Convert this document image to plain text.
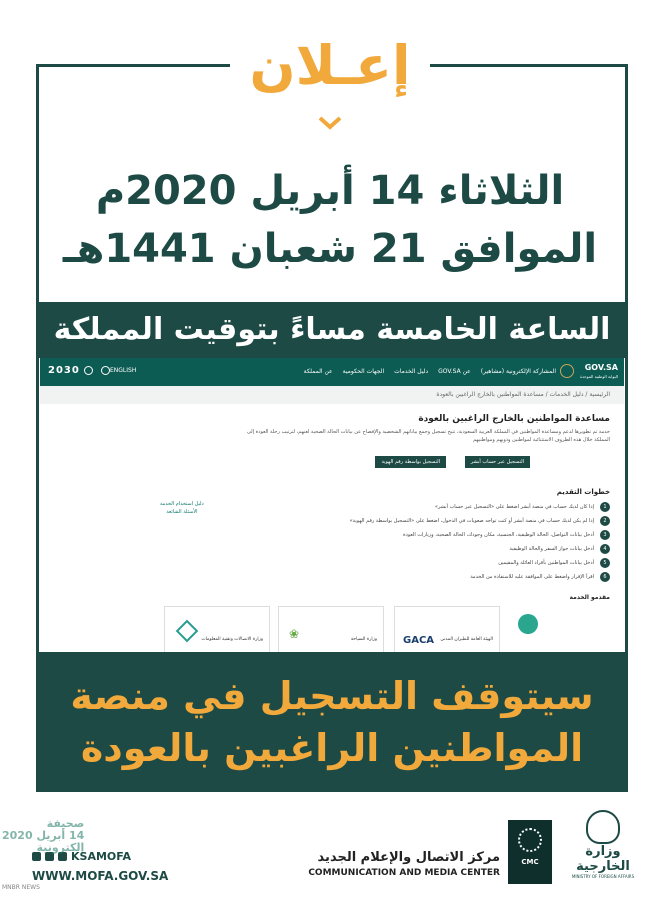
إعـلان
الثلاثاء 14 أبريل 2020م
الموافق 21 شعبان 1441هـ
الساعة الخامسة مساءً بتوقيت المملكة
2030	ENGLISH	عن المملكة الجهات الحكومية دليل الخدمات عن GOV.SA المشاركة الإلكترونية (مشاهير)	GOV.SA
البوابة الوطنية الموحدة
الرئيسية / دليل الخدمات / مساعدة المواطنين بالخارج الراغبين بالعودة
مساعدة المواطنين بالخارج الراغبين بالعودة
خدمة تم تطويرها لدعم ومساعدة المواطنين في المملكة العربية السعودية، تتيح تسجيل وجمع بياناتهم الشخصية والإفصاح عن بيانات الحالة الصحية لعنهم، لترتيب رحلة العودة إلى المملكة خلال هذه الظروف الاستثنائية لمواطنين وذويهم ومواطنيهم
التسجيل عبر حساب أبشر
التسجيل بواسطة رقم الهوية
خطوات التقديم
1
إذا كان لديك حساب في منصة أبشر اضغط على «التسجيل عبر حساب أبشر»
2
إذا لم يكن لديك حساب في منصة أبشر أو كنت تواجه صعوبات في الدخول، اضغط على «التسجيل بواسطة رقم الهوية»
3
أدخل بيانات التواصل، الحالة الوظيفية، الجنسية، مكان وجودك، الحالة الصحية، وزيارات العودة
4
أدخل بيانات جواز السفر والحالة الوظيفية
5
أدخل بيانات المواطنين بأفراد العائلة والمقيمين
6
اقرأ الإقرار واضغط على الموافقة عليه للاستفادة من الخدمة
دليل استخدام الخدمة
الأسئلة الشائعة
مقدمو الخدمة
GACA الهيئة العامة للطيران المدني
❀	وزارة السياحة
وزارة الاتصالات وتقنية المعلومات
سيتوقف التسجيل في منصة
المواطنين الراغبين بالعودة
وزارة الخارجية
MINISTRY OF FOREIGN AFFAIRS
CMC
مركز الاتصال والإعلام الجديد
COMMUNICATION AND MEDIA CENTER
KSAMOFA
WWW.MOFA.GOV.SA
صحيفة
14 أبريل 2020
إلكترونية
MNBR NEWS
